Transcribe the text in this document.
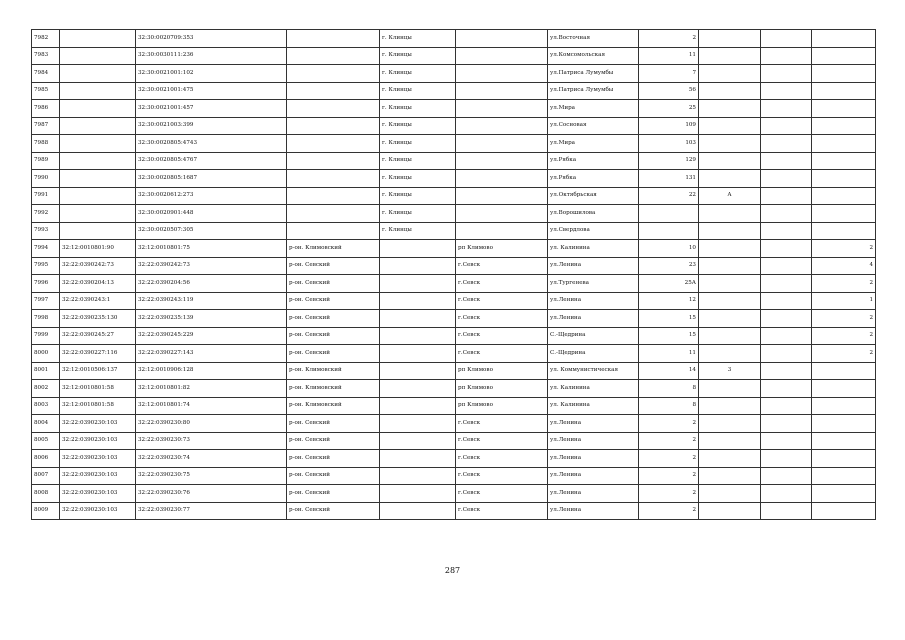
7982		32:30:0020709:353		г. Клинцы		ул.Восточная	2			
7983		32:30:0030111:236		г. Клинцы		ул.Комсомольская	11			
7984		32:30:0021001:102		г. Клинцы		ул.Патриса Лумумбы	7			
7985		32:30:0021001:475		г. Клинцы		ул.Патриса Лумумбы	56			
7986		32:30:0021001:457		г. Клинцы		ул.Мира	25			
7987		32:30:0021003:399		г. Клинцы		ул.Сосновая	109			
7988		32:30:0020805:4743		г. Клинцы		ул.Мира	103			
7989		32:30:0020805:4767		г. Клинцы		ул.Рябка	129			
7990		32:30:0020805:1687		г. Клинцы		ул.Рябка	131			
7991		32:30:0020612:273		г. Клинцы		ул.Октябрьская	22	А		
7992		32:30:0020901:448		г. Клинцы		ул.Ворошилова				
7993		32:30:0020507:305		г. Клинцы		ул.Свердлова				
7994	32:12:0010801:90	32:12:0010801:75	р-он. Климовский		рп Климово	ул. Калинина	10			2
7995	32:22:0390242:73	32:22:0390242:73	р-он. Севский		г.Севск	ул.Ленина	23			4
7996	32:22:0390204:13	32:22:0390204:56	р-он. Севский		г.Севск	ул.Тургенева	25А			2
7997	32:22:0390243:1	32:22:0390243:119	р-он. Севский		г.Севск	ул.Ленина	12			1
7998	32:22:0390235:130	32:22:0390235:139	р-он. Севский		г.Севск	ул.Ленина	15			2
7999	32:22:0390245:27	32:22:0390245:229	р-он. Севский		г.Севск	С.-Щедрина	15			2
8000	32:22:0390227:116	32:22:0390227:143	р-он. Севский		г.Севск	С.-Щедрина	11			2
8001	32:12:0010506:137	32:12:0010906:128	р-он. Климовский		рп Климово	ул. Коммунистическая	14	3		
8002	32:12:0010801:58	32:12:0010801:82	р-он. Климовский		рп Климово	ул. Калинина	8			
8003	32:12:0010801:58	32:12:0010801:74	р-он. Климовский		рп Климово	ул. Калинина	8			
8004	32:22:0390230:103	32:22:0390230:80	р-он. Севский		г.Севск	ул.Ленина	2			
8005	32:22:0390230:103	32:22:0390230:73	р-он. Севский		г.Севск	ул.Ленина	2			
8006	32:22:0390230:103	32:22:0390230:74	р-он. Севский		г.Севск	ул.Ленина	2			
8007	32:22:0390230:103	32:22:0390230:75	р-он. Севский		г.Севск	ул.Ленина	2			
8008	32:22:0390230:103	32:22:0390230:76	р-он. Севский		г.Севск	ул.Ленина	2			
8009	32:22:0390230:103	32:22:0390230:77	р-он. Севский		г.Севск	ул.Ленина	2			
287
